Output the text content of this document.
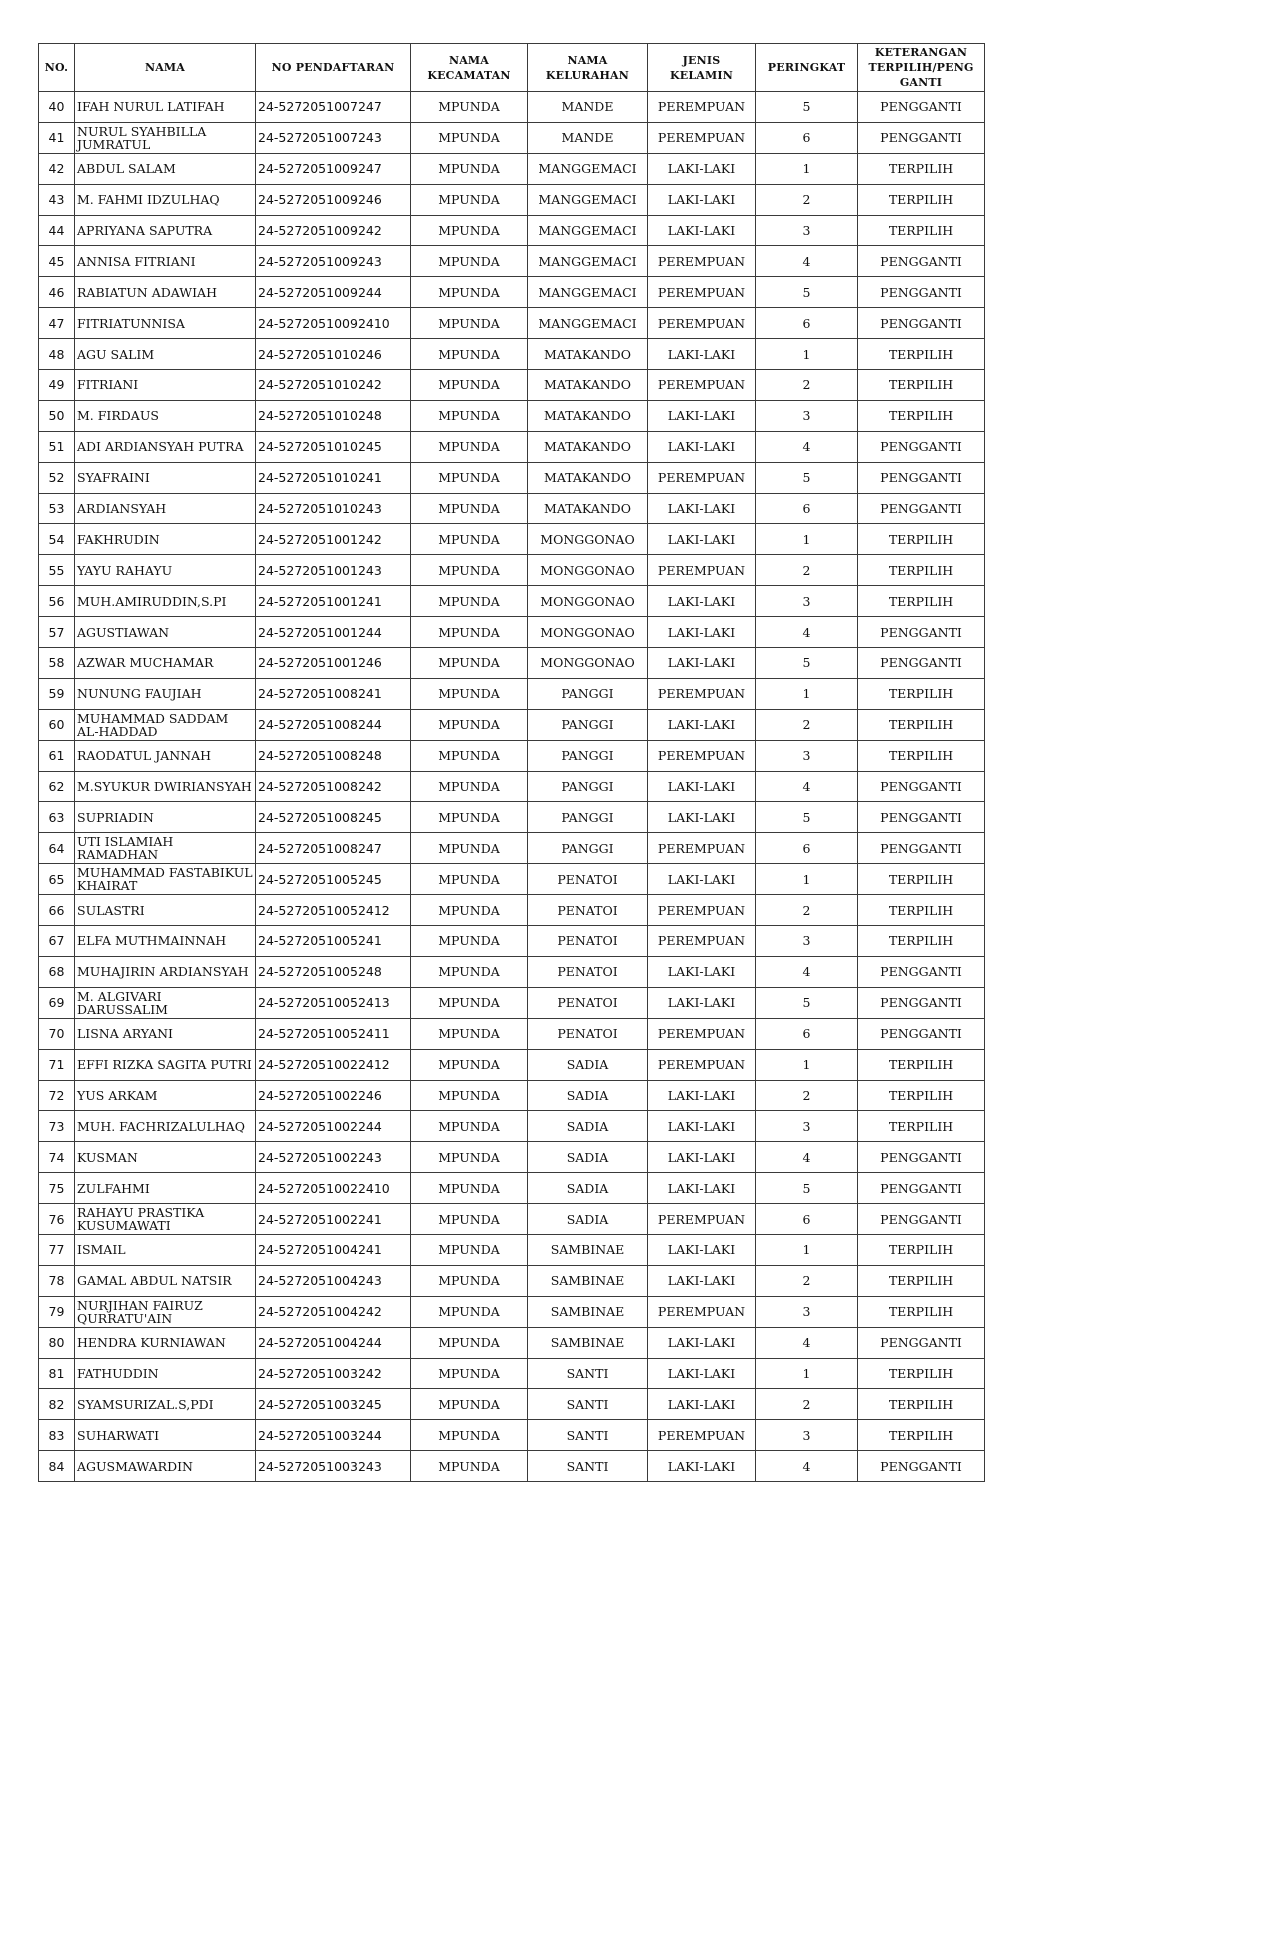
NO.	NAMA	NO PENDAFTARAN	NAMA KECAMATAN	NAMA KELURAHAN	JENIS KELAMIN	PERINGKAT	KETERANGAN TERPILIH/PENG GANTI
40	IFAH NURUL LATIFAH	24-5272051007247	MPUNDA	MANDE	PEREMPUAN	5	PENGGANTI
41	NURUL SYAHBILLA JUMRATUL	24-5272051007243	MPUNDA	MANDE	PEREMPUAN	6	PENGGANTI
42	ABDUL SALAM	24-5272051009247	MPUNDA	MANGGEMACI	LAKI-LAKI	1	TERPILIH
43	M. FAHMI IDZULHAQ	24-5272051009246	MPUNDA	MANGGEMACI	LAKI-LAKI	2	TERPILIH
44	APRIYANA SAPUTRA	24-5272051009242	MPUNDA	MANGGEMACI	LAKI-LAKI	3	TERPILIH
45	ANNISA FITRIANI	24-5272051009243	MPUNDA	MANGGEMACI	PEREMPUAN	4	PENGGANTI
46	RABIATUN ADAWIAH	24-5272051009244	MPUNDA	MANGGEMACI	PEREMPUAN	5	PENGGANTI
47	FITRIATUNNISA	24-52720510092410	MPUNDA	MANGGEMACI	PEREMPUAN	6	PENGGANTI
48	AGU SALIM	24-5272051010246	MPUNDA	MATAKANDO	LAKI-LAKI	1	TERPILIH
49	FITRIANI	24-5272051010242	MPUNDA	MATAKANDO	PEREMPUAN	2	TERPILIH
50	M. FIRDAUS	24-5272051010248	MPUNDA	MATAKANDO	LAKI-LAKI	3	TERPILIH
51	ADI ARDIANSYAH PUTRA	24-5272051010245	MPUNDA	MATAKANDO	LAKI-LAKI	4	PENGGANTI
52	SYAFRAINI	24-5272051010241	MPUNDA	MATAKANDO	PEREMPUAN	5	PENGGANTI
53	ARDIANSYAH	24-5272051010243	MPUNDA	MATAKANDO	LAKI-LAKI	6	PENGGANTI
54	FAKHRUDIN	24-5272051001242	MPUNDA	MONGGONAO	LAKI-LAKI	1	TERPILIH
55	YAYU RAHAYU	24-5272051001243	MPUNDA	MONGGONAO	PEREMPUAN	2	TERPILIH
56	MUH.AMIRUDDIN,S.PI	24-5272051001241	MPUNDA	MONGGONAO	LAKI-LAKI	3	TERPILIH
57	AGUSTIAWAN	24-5272051001244	MPUNDA	MONGGONAO	LAKI-LAKI	4	PENGGANTI
58	AZWAR MUCHAMAR	24-5272051001246	MPUNDA	MONGGONAO	LAKI-LAKI	5	PENGGANTI
59	NUNUNG FAUJIAH	24-5272051008241	MPUNDA	PANGGI	PEREMPUAN	1	TERPILIH
60	MUHAMMAD SADDAM AL-HADDAD	24-5272051008244	MPUNDA	PANGGI	LAKI-LAKI	2	TERPILIH
61	RAODATUL JANNAH	24-5272051008248	MPUNDA	PANGGI	PEREMPUAN	3	TERPILIH
62	M.SYUKUR DWIRIANSYAH	24-5272051008242	MPUNDA	PANGGI	LAKI-LAKI	4	PENGGANTI
63	SUPRIADIN	24-5272051008245	MPUNDA	PANGGI	LAKI-LAKI	5	PENGGANTI
64	UTI ISLAMIAH RAMADHAN	24-5272051008247	MPUNDA	PANGGI	PEREMPUAN	6	PENGGANTI
65	MUHAMMAD FASTABIKUL KHAIRAT	24-5272051005245	MPUNDA	PENATOI	LAKI-LAKI	1	TERPILIH
66	SULASTRI	24-52720510052412	MPUNDA	PENATOI	PEREMPUAN	2	TERPILIH
67	ELFA MUTHMAINNAH	24-5272051005241	MPUNDA	PENATOI	PEREMPUAN	3	TERPILIH
68	MUHAJIRIN ARDIANSYAH	24-5272051005248	MPUNDA	PENATOI	LAKI-LAKI	4	PENGGANTI
69	M. ALGIVARI DARUSSALIM	24-52720510052413	MPUNDA	PENATOI	LAKI-LAKI	5	PENGGANTI
70	LISNA ARYANI	24-52720510052411	MPUNDA	PENATOI	PEREMPUAN	6	PENGGANTI
71	EFFI RIZKA SAGITA PUTRI	24-52720510022412	MPUNDA	SADIA	PEREMPUAN	1	TERPILIH
72	YUS ARKAM	24-5272051002246	MPUNDA	SADIA	LAKI-LAKI	2	TERPILIH
73	MUH. FACHRIZALULHAQ	24-5272051002244	MPUNDA	SADIA	LAKI-LAKI	3	TERPILIH
74	KUSMAN	24-5272051002243	MPUNDA	SADIA	LAKI-LAKI	4	PENGGANTI
75	ZULFAHMI	24-52720510022410	MPUNDA	SADIA	LAKI-LAKI	5	PENGGANTI
76	RAHAYU PRASTIKA KUSUMAWATI	24-5272051002241	MPUNDA	SADIA	PEREMPUAN	6	PENGGANTI
77	ISMAIL	24-5272051004241	MPUNDA	SAMBINAE	LAKI-LAKI	1	TERPILIH
78	GAMAL ABDUL NATSIR	24-5272051004243	MPUNDA	SAMBINAE	LAKI-LAKI	2	TERPILIH
79	NURJIHAN FAIRUZ QURRATU'AIN	24-5272051004242	MPUNDA	SAMBINAE	PEREMPUAN	3	TERPILIH
80	HENDRA KURNIAWAN	24-5272051004244	MPUNDA	SAMBINAE	LAKI-LAKI	4	PENGGANTI
81	FATHUDDIN	24-5272051003242	MPUNDA	SANTI	LAKI-LAKI	1	TERPILIH
82	SYAMSURIZAL.S,PDI	24-5272051003245	MPUNDA	SANTI	LAKI-LAKI	2	TERPILIH
83	SUHARWATI	24-5272051003244	MPUNDA	SANTI	PEREMPUAN	3	TERPILIH
84	AGUSMAWARDIN	24-5272051003243	MPUNDA	SANTI	LAKI-LAKI	4	PENGGANTI
